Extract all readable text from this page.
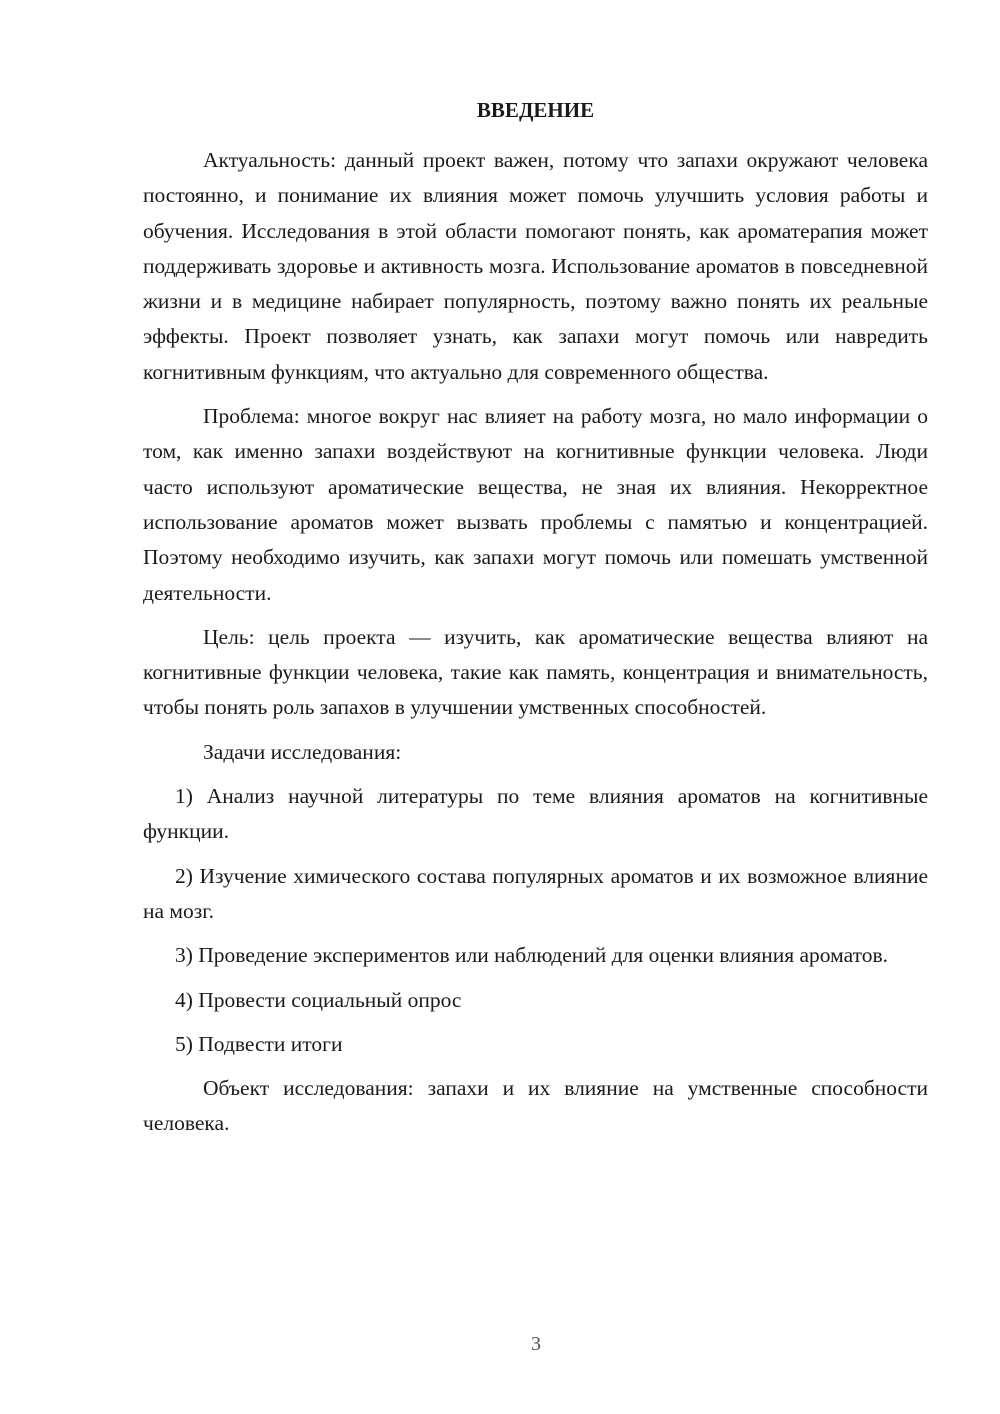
ВВЕДЕНИЕ

Актуальность: данный проект важен, потому что запахи окружают человека постоянно, и понимание их влияния может помочь улучшить условия работы и обучения. Исследования в этой области помогают понять, как ароматерапия может поддерживать здоровье и активность мозга. Использование ароматов в повседневной жизни и в медицине набирает популярность, поэтому важно понять их реальные эффекты. Проект позволяет узнать, как запахи могут помочь или навредить когнитивным функциям, что актуально для современного общества.

Проблема: многое вокруг нас влияет на работу мозга, но мало информации о том, как именно запахи воздействуют на когнитивные функции человека. Люди часто используют ароматические вещества, не зная их влияния. Некорректное использование ароматов может вызвать проблемы с памятью и концентрацией. Поэтому необходимо изучить, как запахи могут помочь или помешать умственной деятельности.

Цель: цель проекта — изучить, как ароматические вещества влияют на когнитивные функции человека, такие как память, концентрация и внимательность, чтобы понять роль запахов в улучшении умственных способностей.

Задачи исследования:

1) Анализ научной литературы по теме влияния ароматов на когнитивные функции.

2) Изучение химического состава популярных ароматов и их возможное влияние на мозг.

3) Проведение экспериментов или наблюдений для оценки влияния ароматов.

4) Провести социальный опрос

5) Подвести итоги

Объект исследования: запахи и их влияние на умственные способности человека.

3
